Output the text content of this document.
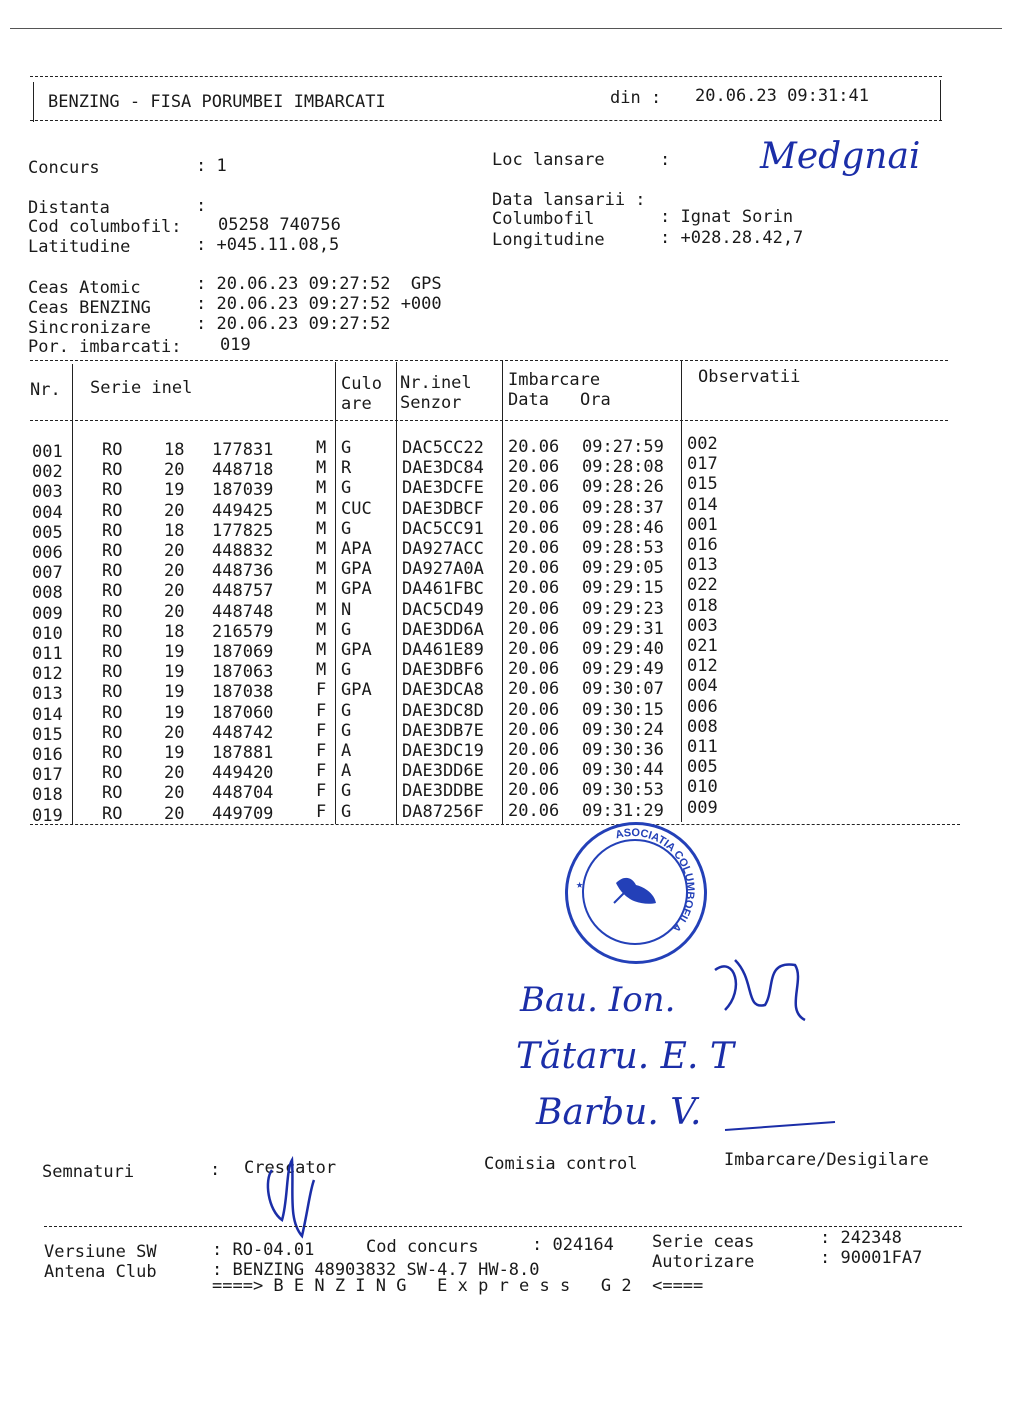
BENZING - FISA PORUMBEI IMBARCATI	din : 20.06.23 09:31:41
Concurs	: 1	Loc lansare	: Medgnai
Distanta	:	Data lansarii :
Cod columbofil: 05258 740756	Columbofil	: Ignat Sorin
Latitudine	: +045.11.08,5	Longitudine	: +028.28.42,7
Ceas Atomic	: 20.06.23 09:27:52  GPS
Ceas BENZING	: 20.06.23 09:27:52 +000
Sincronizare	: 20.06.23 09:27:52
Por. imbarcati: 019
Nr. Serie inel	Culo
are
Nr.inel
Senzor
Imbarcare
Data Ora
Observatii
001 RO 18 177831	M G	DAC5CC22 20.06 09:27:59 002
002 RO 20 448718	M R	DAE3DC84 20.06 09:28:08 017
003 RO 19 187039	M G	DAE3DCFE 20.06 09:28:26 015
004 RO 20 449425	M CUC DAE3DBCF 20.06 09:28:37 014
005 RO 18 177825	M G	DAC5CC91 20.06 09:28:46 001
006 RO 20 448832	M APA DA927ACC 20.06 09:28:53 016
007 RO 20 448736	M GPA DA927A0A 20.06 09:29:05 013
008 RO 20 448757	M GPA DA461FBC 20.06 09:29:15 022
009 RO 20 448748	M N	DAC5CD49 20.06 09:29:23 018
010 RO 18 216579	M G	DAE3DD6A 20.06 09:29:31 003
011 RO 19 187069	M GPA DA461E89 20.06 09:29:40 021
012 RO 19 187063	M G	DAE3DBF6 20.06 09:29:49 012
013 RO 19 187038	F GPA DAE3DCA8 20.06 09:30:07 004
014 RO 19 187060	F G	DAE3DC8D 20.06 09:30:15 006
015 RO 20 448742	F G	DAE3DB7E 20.06 09:30:24 008
016 RO 19 187881	F A	DAE3DC19 20.06 09:30:36 011
017 RO 20 449420	F A	DAE3DD6E 20.06 09:30:44 005
018 RO 20 448704	F G	DAE3DDBE 20.06 09:30:53 010
019 RO 20 449709	F G	DA87256F 20.06 09:31:29 009
ASOCIATIA COLUMBOFILA
★
Bau. Ion.
Tătaru. E. T
Barbu. V.
Semnaturi	: Crescator	Comisia control	Imbarcare/Desigilare
Versiune SW	: RO-04.01	Cod concurs	: 024164 Serie ceas	: 242348
Antena Club	: BENZING 48903832 SW-4.7 HW-8.0	Autorizare	: 90001FA7
====> B E N Z I N G   E x p r e s s   G 2  <====
